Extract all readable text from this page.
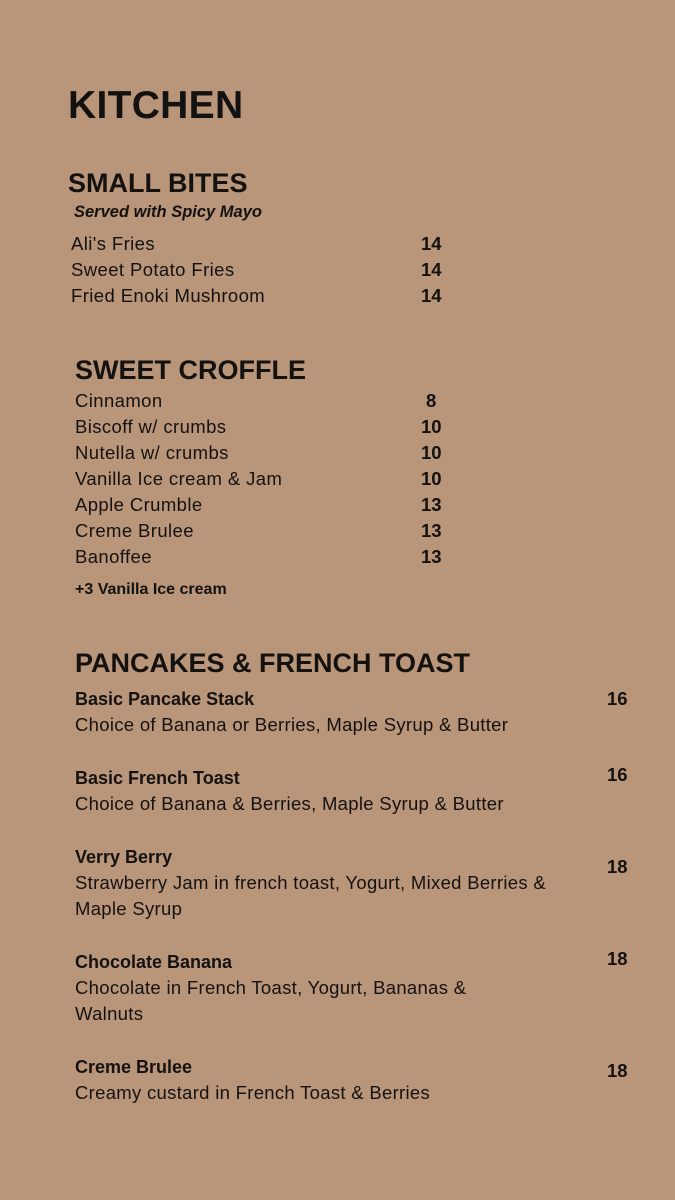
KITCHEN
SMALL BITES
Served with Spicy Mayo
Ali's Fries	14
Sweet Potato Fries	14
Fried Enoki Mushroom	14
SWEET CROFFLE
Cinnamon	8
Biscoff w/ crumbs	10
Nutella w/ crumbs	10
Vanilla Ice cream & Jam	10
Apple Crumble	13
Creme Brulee	13
Banoffee	13
+3 Vanilla Ice cream
PANCAKES & FRENCH TOAST
Basic Pancake Stack
Choice of Banana or Berries, Maple Syrup & Butter
16
Basic French Toast
Choice of Banana & Berries, Maple Syrup & Butter
16
Verry Berry
Strawberry Jam in french toast, Yogurt, Mixed Berries & Maple Syrup
18
Chocolate Banana
Chocolate in French Toast, Yogurt, Bananas & Walnuts
18
Creme Brulee
Creamy custard in French Toast & Berries
18
